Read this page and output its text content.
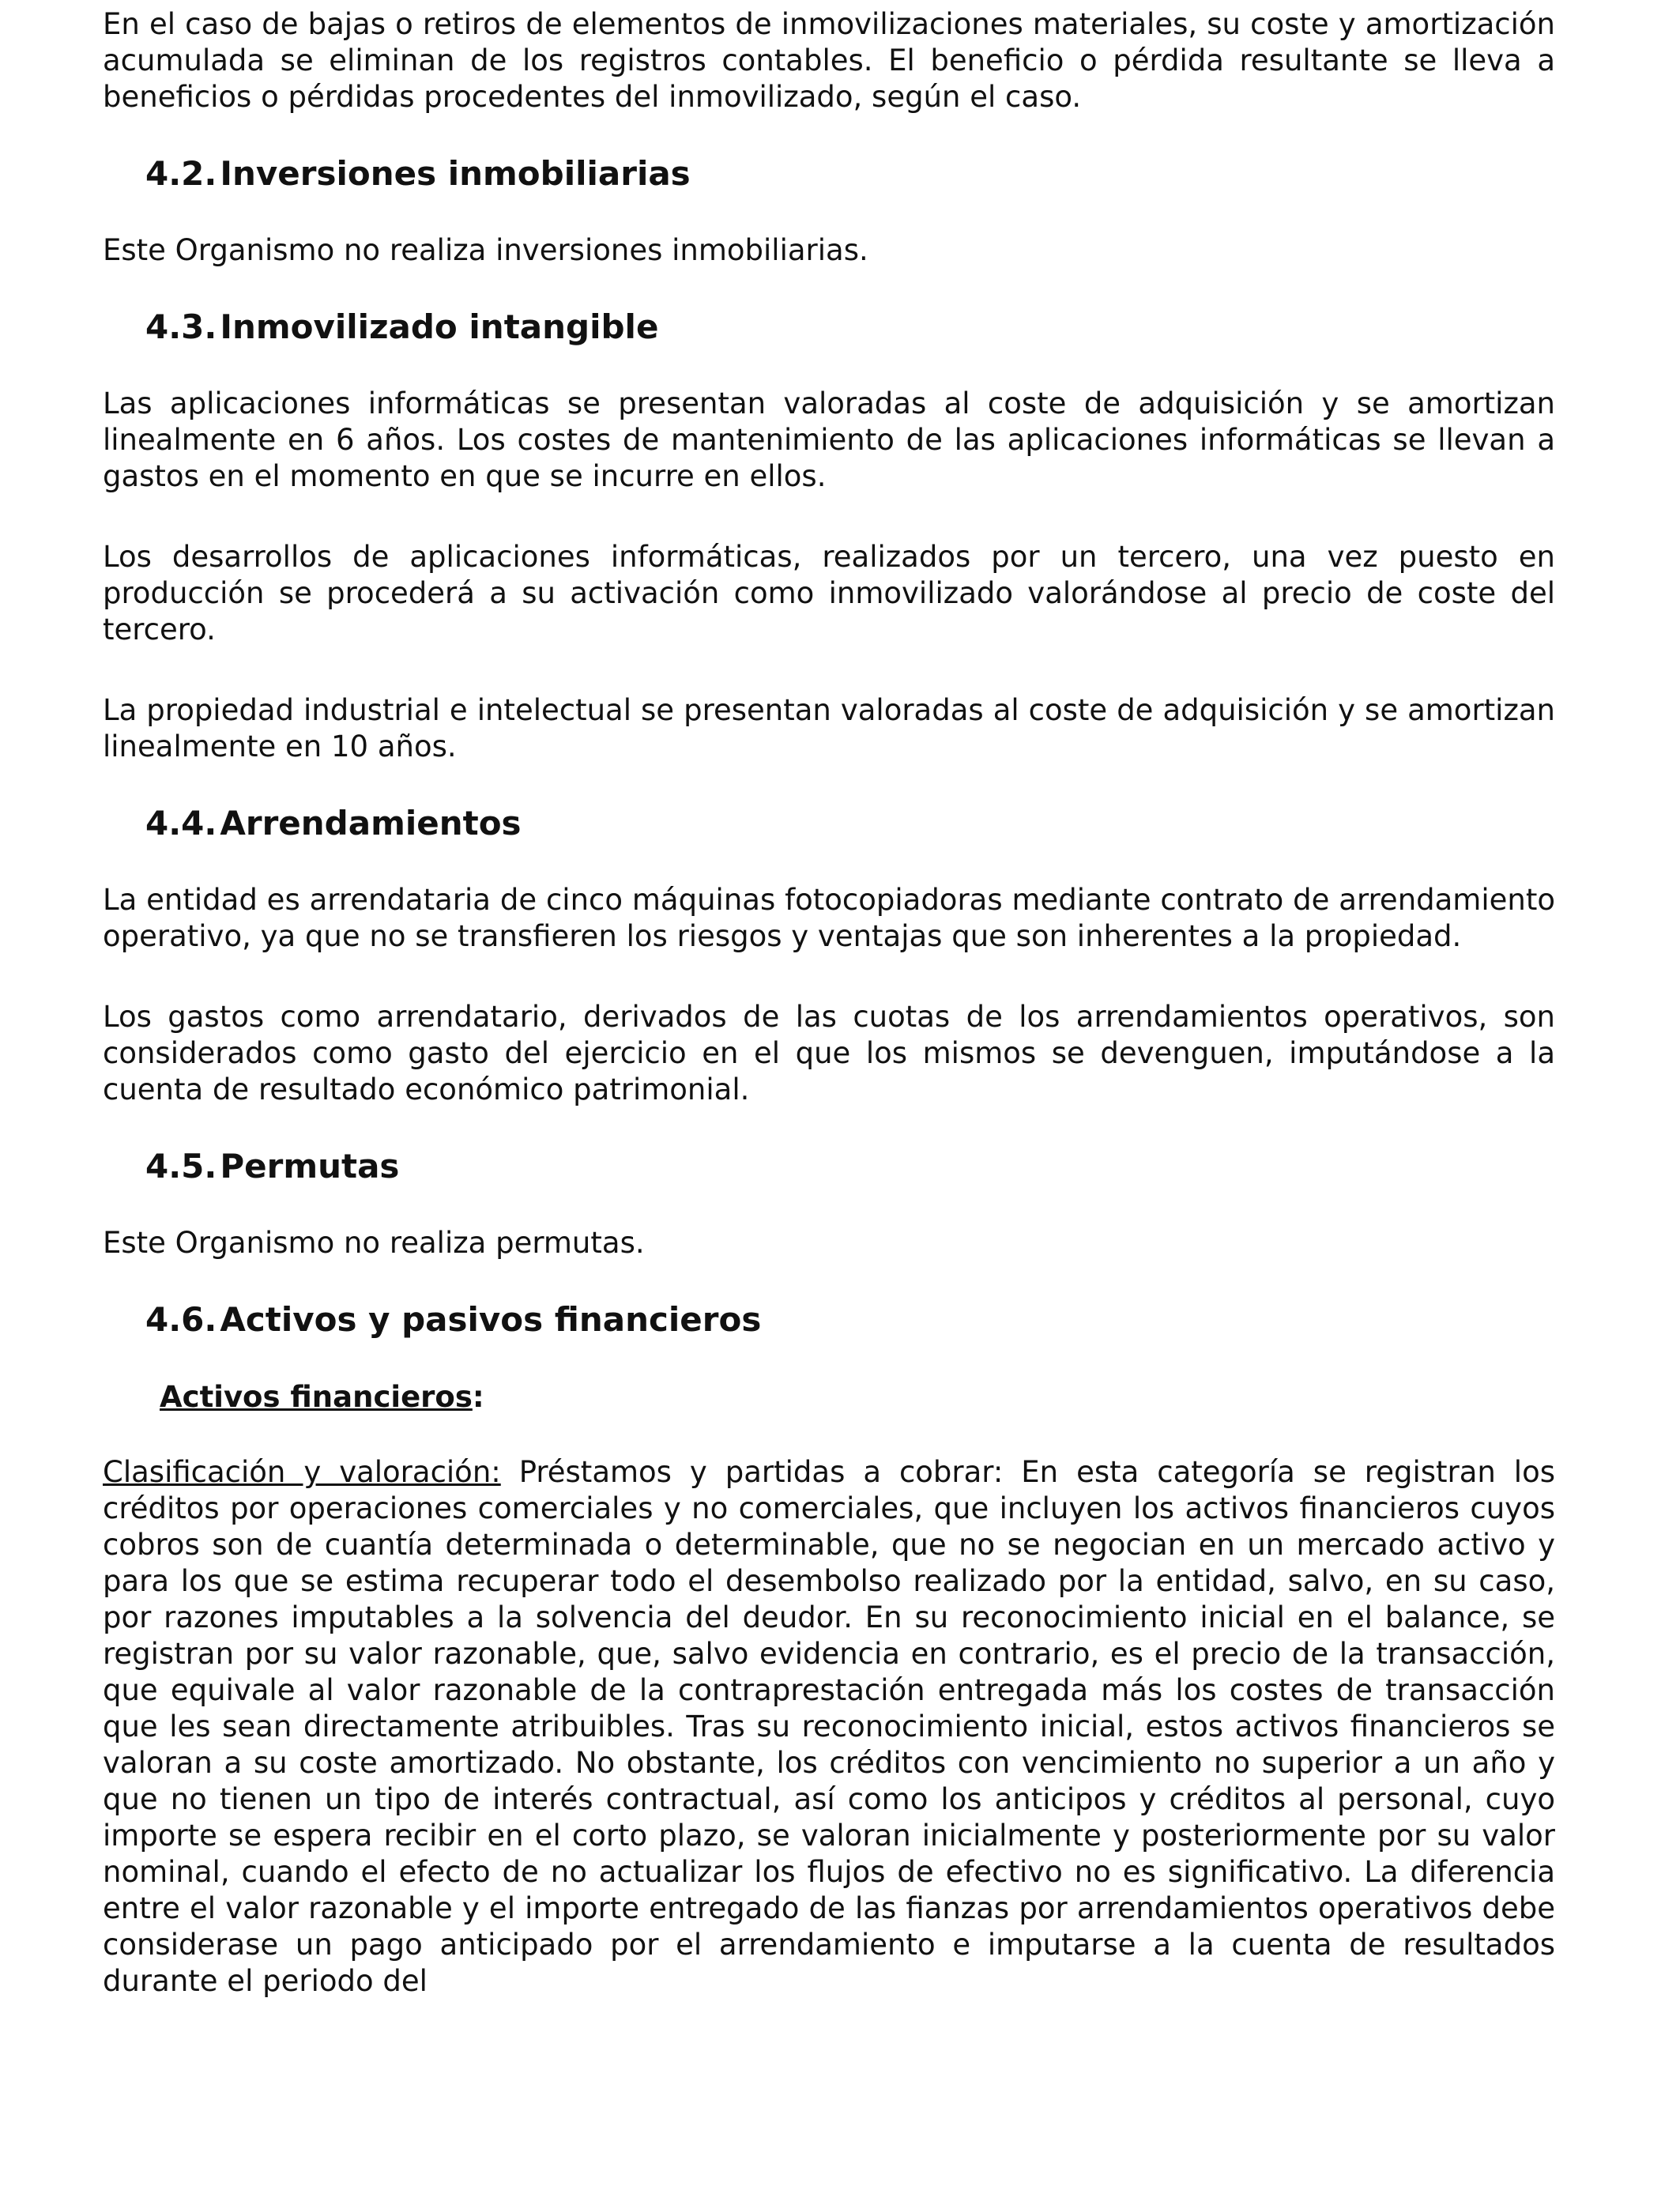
En el caso de bajas o retiros de elementos de inmovilizaciones materiales, su coste y amortización acumulada se eliminan de los registros contables. El beneficio o pérdida resultante se lleva a beneficios o pérdidas procedentes del inmovilizado, según el caso.

4.2.Inversiones inmobiliarias

Este Organismo no realiza inversiones inmobiliarias.

4.3.Inmovilizado intangible

Las aplicaciones informáticas se presentan valoradas al coste de adquisición y se amortizan linealmente en 6 años. Los costes de mantenimiento de las aplicaciones informáticas se llevan a gastos en el momento en que se incurre en ellos.

Los desarrollos de aplicaciones informáticas, realizados por un tercero, una vez puesto en producción se procederá a su activación como inmovilizado valorándose al precio de coste del tercero.

La propiedad industrial e intelectual se presentan valoradas al coste de adquisición y se amortizan linealmente en 10 años.

4.4.Arrendamientos

La entidad es arrendataria de cinco máquinas fotocopiadoras mediante contrato de arrendamiento operativo, ya que no se transfieren los riesgos y ventajas que son inherentes a la propiedad.

Los gastos como arrendatario, derivados de las cuotas de los arrendamientos operativos, son considerados como gasto del ejercicio en el que los mismos se devenguen, imputándose a la cuenta de resultado económico patrimonial.

4.5.Permutas

Este Organismo no realiza permutas.

4.6.Activos y pasivos financieros
Activos financieros:

Clasificación y valoración: Préstamos y partidas a cobrar: En esta categoría se registran los créditos por operaciones comerciales y no comerciales, que incluyen los activos financieros cuyos cobros son de cuantía determinada o determinable, que no se negocian en un mercado activo y para los que se estima recuperar todo el desembolso realizado por la entidad, salvo, en su caso, por razones imputables a la solvencia del deudor. En su reconocimiento inicial en el balance, se registran por su valor razonable, que, salvo evidencia en contrario, es el precio de la transacción, que equivale al valor razonable de la contraprestación entregada más los costes de transacción que les sean directamente atribuibles. Tras su reconocimiento inicial, estos activos financieros se valoran a su coste amortizado. No obstante, los créditos con vencimiento no superior a un año y que no tienen un tipo de interés contractual, así como los anticipos y créditos al personal, cuyo importe se espera recibir en el corto plazo, se valoran inicialmente y posteriormente por su valor nominal, cuando el efecto de no actualizar los flujos de efectivo no es significativo. La diferencia entre el valor razonable y el importe entregado de las fianzas por arrendamientos operativos debe considerase un pago anticipado por el arrendamiento e imputarse a la cuenta de resultados durante el periodo del
